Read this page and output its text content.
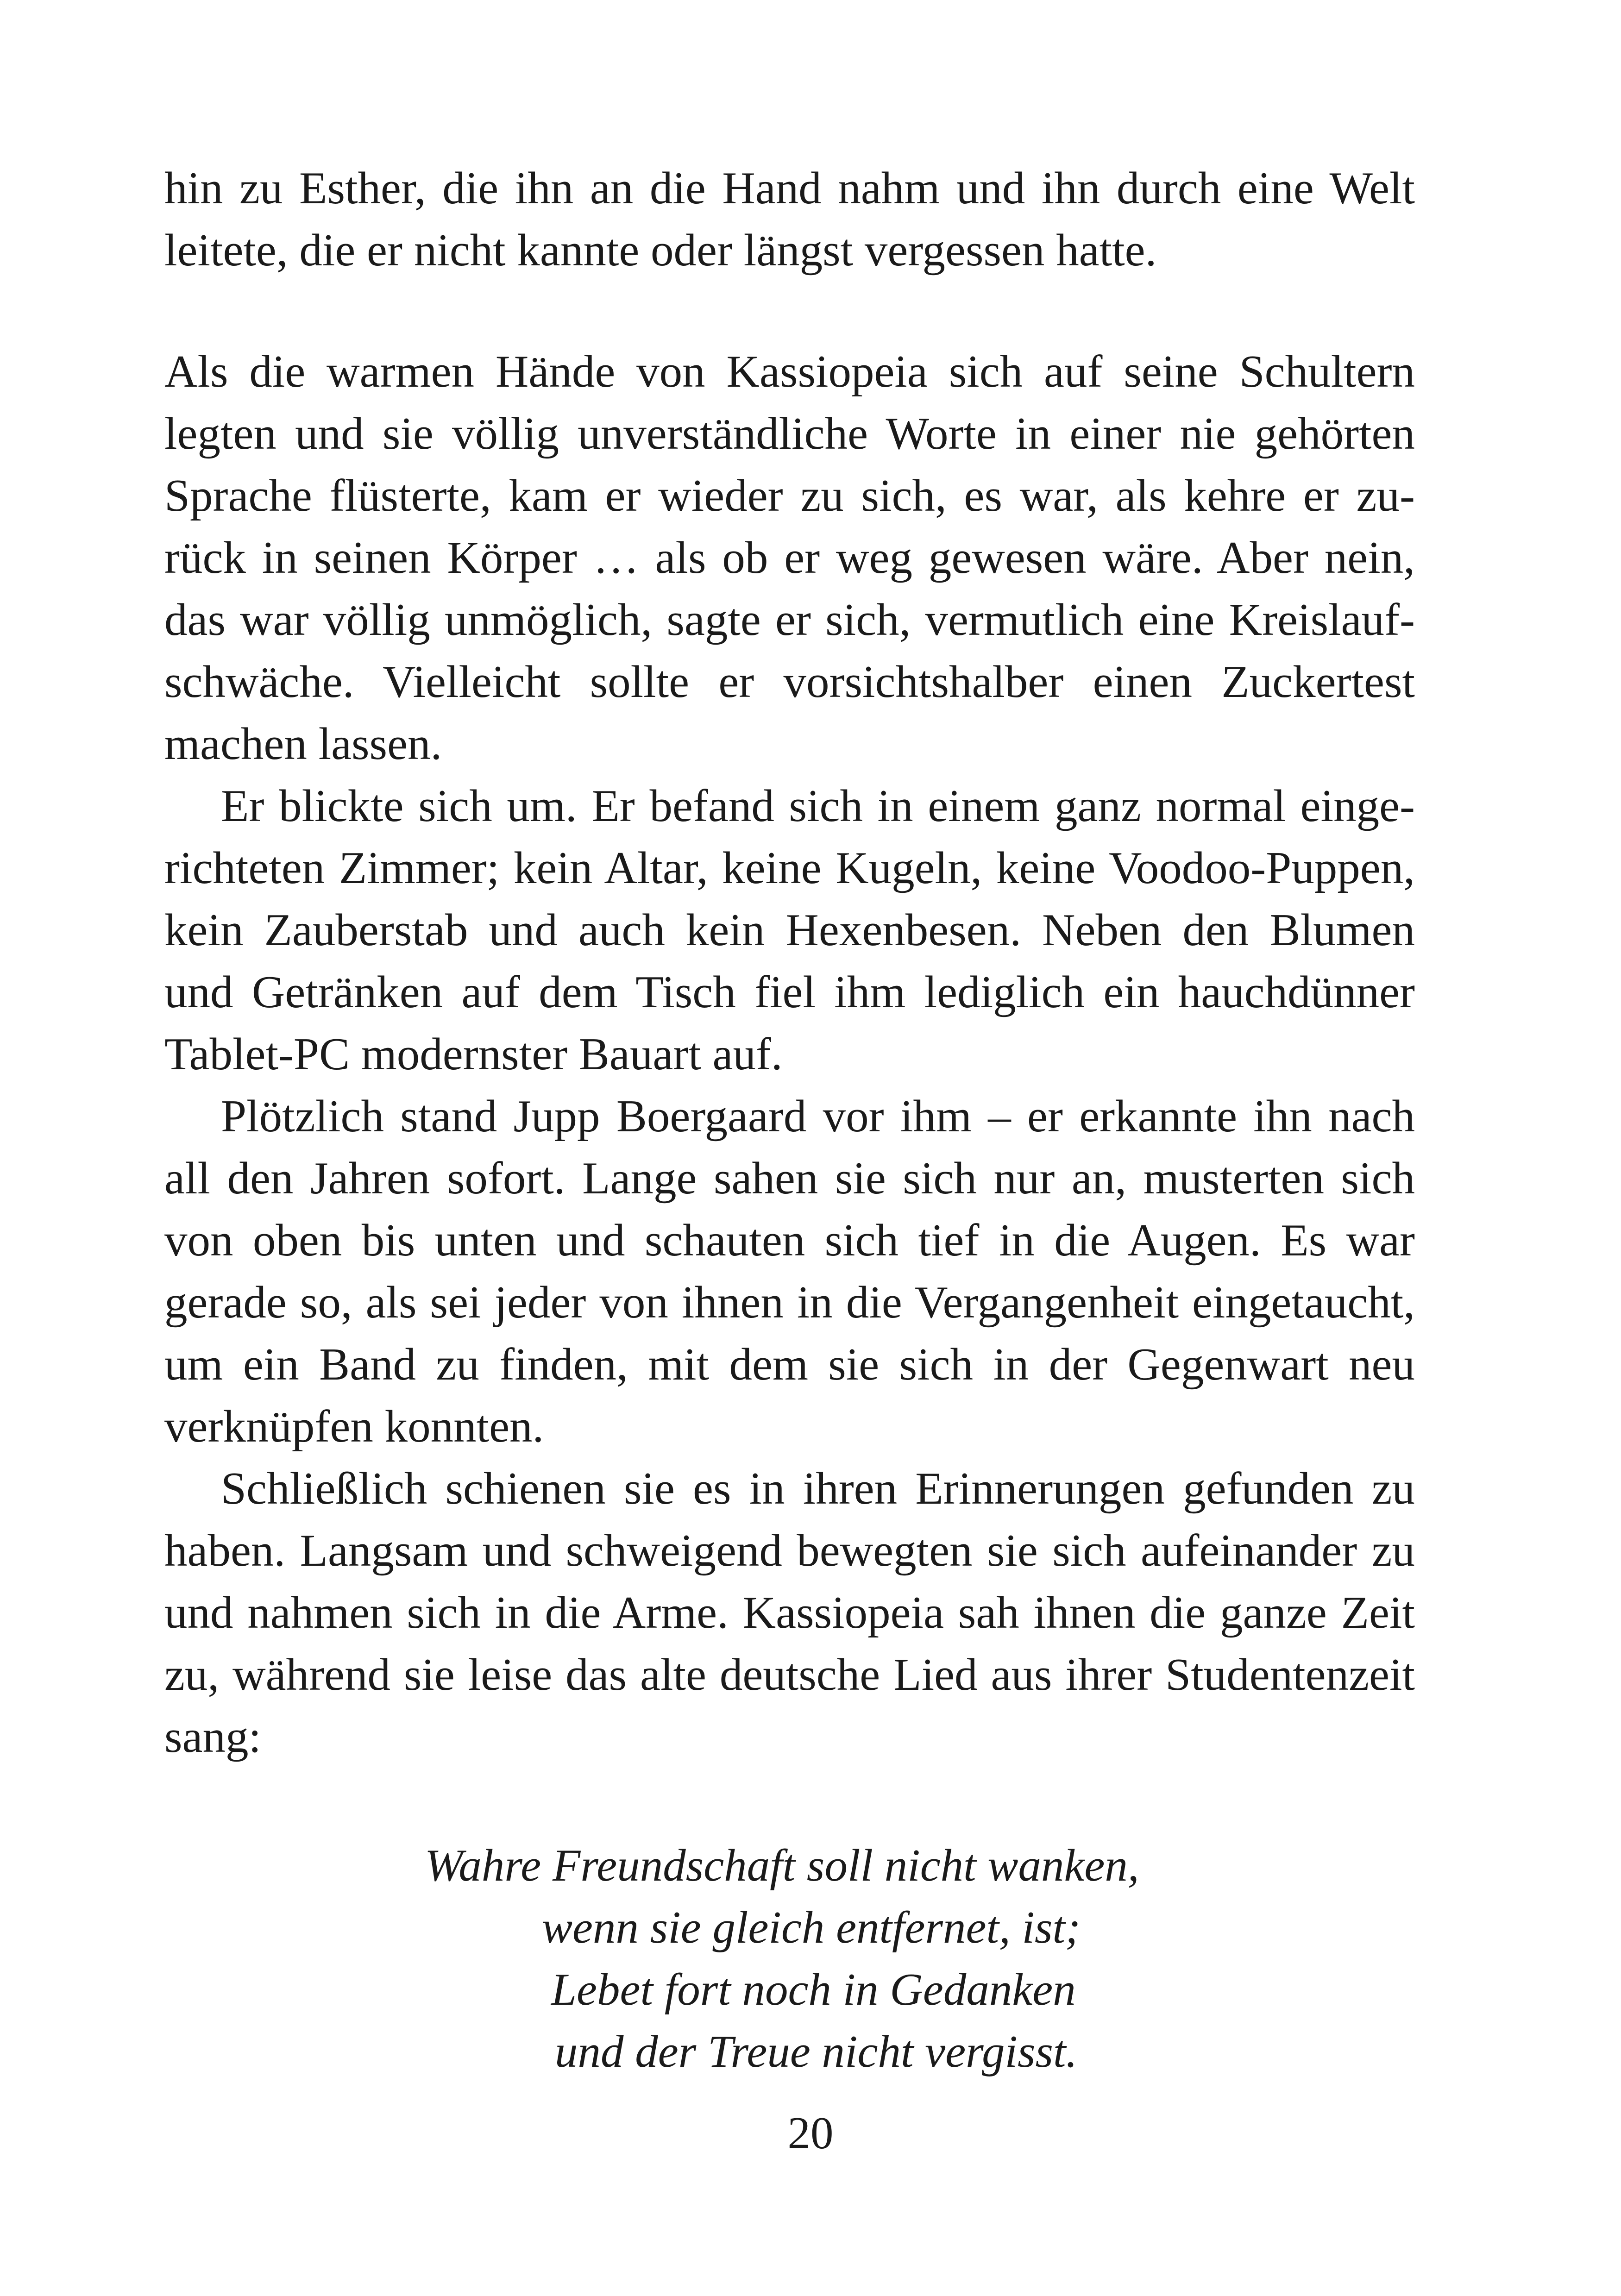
hin zu Esther, die ihn an die Hand nahm und ihn durch eine Welt
leitete, die er nicht kannte oder längst vergessen hatte.
Als die warmen Hände von Kassiopeia sich auf seine Schultern
legten und sie völlig unverständliche Worte in einer nie gehörten
Sprache flüsterte, kam er wieder zu sich, es war, als kehre er zu-
rück in seinen Körper … als ob er weg gewesen wäre. Aber nein,
das war völlig unmöglich, sagte er sich, vermutlich eine Kreislauf-
schwäche. Vielleicht sollte er vorsichtshalber einen Zuckertest
machen lassen.
Er blickte sich um. Er befand sich in einem ganz normal einge-
richteten Zimmer; kein Altar, keine Kugeln, keine Voodoo-Puppen,
kein Zauberstab und auch kein Hexenbesen. Neben den Blumen
und Getränken auf dem Tisch fiel ihm lediglich ein hauchdünner
Tablet-PC modernster Bauart auf.
Plötzlich stand Jupp Boergaard vor ihm – er erkannte ihn nach
all den Jahren sofort. Lange sahen sie sich nur an, musterten sich
von oben bis unten und schauten sich tief in die Augen. Es war
gerade so, als sei jeder von ihnen in die Vergangenheit eingetaucht,
um ein Band zu finden, mit dem sie sich in der Gegenwart neu
verknüpfen konnten.
Schließlich schienen sie es in ihren Erinnerungen gefunden zu
haben. Langsam und schweigend bewegten sie sich aufeinander zu
und nahmen sich in die Arme. Kassiopeia sah ihnen die ganze Zeit
zu, während sie leise das alte deutsche Lied aus ihrer Studentenzeit
sang:
Wahre Freundschaft soll nicht wanken,
wenn sie gleich entfernet, ist;
Lebet fort noch in Gedanken
und der Treue nicht vergisst.
20
